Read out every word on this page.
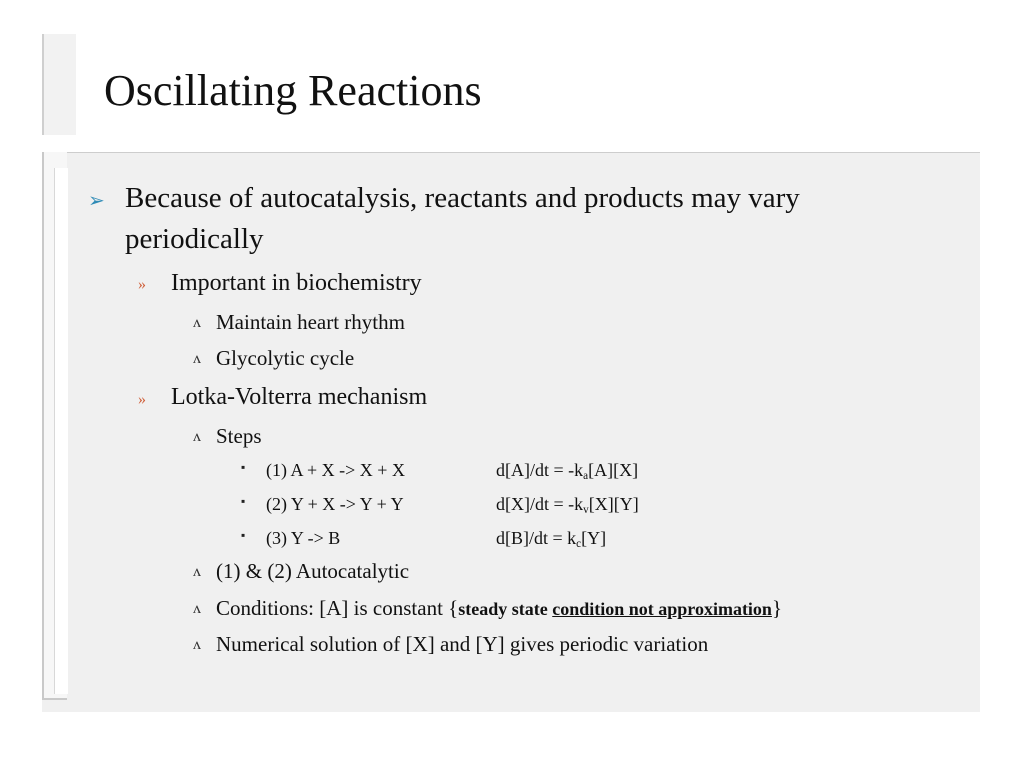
Oscillating Reactions
➢ Because of autocatalysis, reactants and products may vary
periodically
» Important in biochemistry
ʌ Maintain heart rhythm
ʌ Glycolytic cycle
» Lotka-Volterra mechanism
ʌ Steps
▪ (1) A + X -> X + X	$d[A]/dt = -k_a[A][X]$
▪ (2) Y + X -> Y + Y	$d[X]/dt = -k_v[X][Y]$
▪ (3) Y -> B	$d[B]/dt = k_c[Y]$
ʌ (1) & (2) Autocatalytic
ʌ Conditions: [A] is constant {steady state condition not approximation}
ʌ Numerical solution of [X] and [Y] gives periodic variation
